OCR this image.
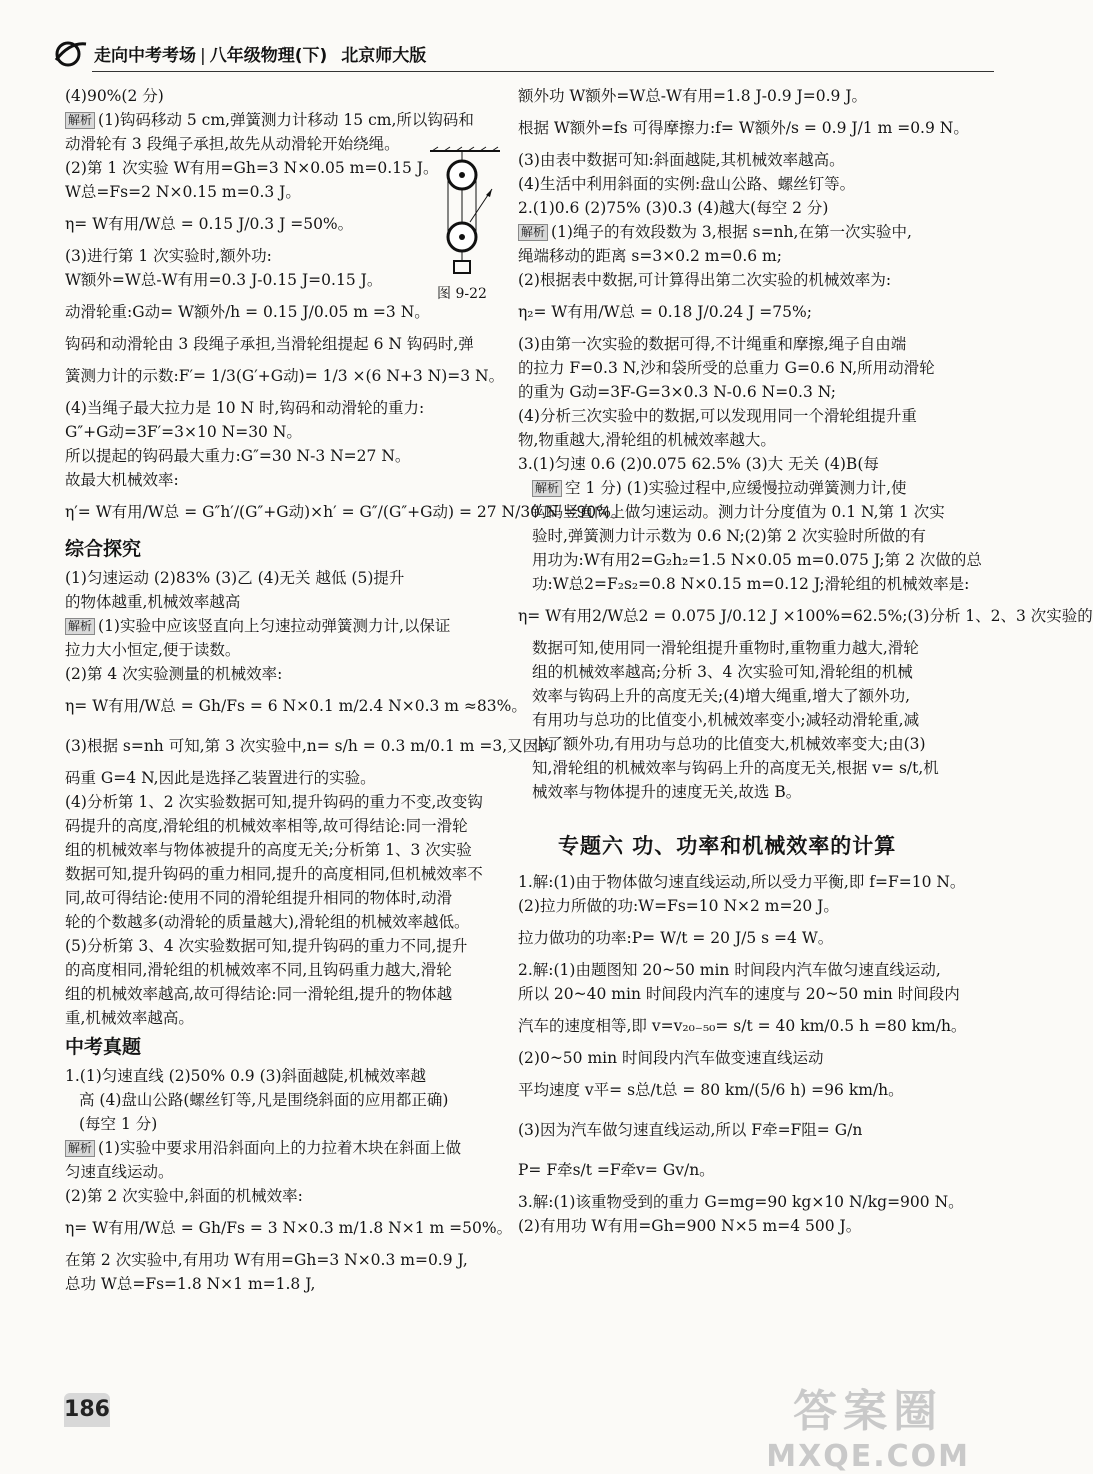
走向中考考场 | 八年级物理(下) 北京师大版
(4)90%(2 分)
解析 (1)钩码移动 5 cm,弹簧测力计移动 15 cm,所以钩码和
动滑轮有 3 段绳子承担,故先从动滑轮开始绕绳。
(2)第 1 次实验 W有用=Gh=3 N×0.05 m=0.15 J。
W总=Fs=2 N×0.15 m=0.3 J。
η= W有用/W总 = 0.15 J/0.3 J =50%。
(3)进行第 1 次实验时,额外功:
W额外=W总-W有用=0.3 J-0.15 J=0.15 J。
动滑轮重:G动= W额外/h = 0.15 J/0.05 m =3 N。
钩码和动滑轮由 3 段绳子承担,当滑轮组提起 6 N 钩码时,弹
簧测力计的示数:F′= 1/3(G′+G动)= 1/3 ×(6 N+3 N)=3 N。
(4)当绳子最大拉力是 10 N 时,钩码和动滑轮的重力:
G″+G动=3F′=3×10 N=30 N。
所以提起的钩码最大重力:G″=30 N-3 N=27 N。
故最大机械效率:
η′= W有用/W总 = G″h′/(G″+G动)×h′ = G″/(G″+G动) = 27 N/30 N =90%。
综合探究
(1)匀速运动 (2)83% (3)乙 (4)无关 越低 (5)提升
的物体越重,机械效率越高
解析 (1)实验中应该竖直向上匀速拉动弹簧测力计,以保证
拉力大小恒定,便于读数。
(2)第 4 次实验测量的机械效率:
η= W有用/W总 = Gh/Fs = 6 N×0.1 m/2.4 N×0.3 m ≈83%。
(3)根据 s=nh 可知,第 3 次实验中,n= s/h = 0.3 m/0.1 m =3,又因钩
码重 G=4 N,因此是选择乙装置进行的实验。
(4)分析第 1、2 次实验数据可知,提升钩码的重力不变,改变钩
码提升的高度,滑轮组的机械效率相等,故可得结论:同一滑轮
组的机械效率与物体被提升的高度无关;分析第 1、3 次实验
数据可知,提升钩码的重力相同,提升的高度相同,但机械效率不
同,故可得结论:使用不同的滑轮组提升相同的物体时,动滑
轮的个数越多(动滑轮的质量越大),滑轮组的机械效率越低。
(5)分析第 3、4 次实验数据可知,提升钩码的重力不同,提升
的高度相同,滑轮组的机械效率不同,且钩码重力越大,滑轮
组的机械效率越高,故可得结论:同一滑轮组,提升的物体越
重,机械效率越高。
中考真题
1.(1)匀速直线 (2)50% 0.9 (3)斜面越陡,机械效率越
高 (4)盘山公路(螺丝钉等,凡是围绕斜面的应用都正确)
(每空 1 分)
解析 (1)实验中要求用沿斜面向上的力拉着木块在斜面上做
匀速直线运动。
(2)第 2 次实验中,斜面的机械效率:
η= W有用/W总 = Gh/Fs = 3 N×0.3 m/1.8 N×1 m =50%。
在第 2 次实验中,有用功 W有用=Gh=3 N×0.3 m=0.9 J,
总功 W总=Fs=1.8 N×1 m=1.8 J,
额外功 W额外=W总-W有用=1.8 J-0.9 J=0.9 J。
根据 W额外=fs 可得摩擦力:f= W额外/s = 0.9 J/1 m =0.9 N。
(3)由表中数据可知:斜面越陡,其机械效率越高。
(4)生活中利用斜面的实例:盘山公路、螺丝钉等。
2.(1)0.6 (2)75% (3)0.3 (4)越大(每空 2 分)
解析 (1)绳子的有效段数为 3,根据 s=nh,在第一次实验中,
绳端移动的距离 s=3×0.2 m=0.6 m;
(2)根据表中数据,可计算得出第二次实验的机械效率为:
η₂= W有用/W总 = 0.18 J/0.24 J =75%;
(3)由第一次实验的数据可得,不计绳重和摩擦,绳子自由端
的拉力 F=0.3 N,沙和袋所受的总重力 G=0.6 N,所用动滑轮
的重为 G动=3F-G=3×0.3 N-0.6 N=0.3 N;
(4)分析三次实验中的数据,可以发现用同一个滑轮组提升重
物,物重越大,滑轮组的机械效率越大。
3.(1)匀速 0.6 (2)0.075 62.5% (3)大 无关 (4)B(每
解析 空 1 分) (1)实验过程中,应缓慢拉动弹簧测力计,使
钩码竖直向上做匀速运动。测力计分度值为 0.1 N,第 1 次实
验时,弹簧测力计示数为 0.6 N;(2)第 2 次实验时所做的有
用功为:W有用2=G₂h₂=1.5 N×0.05 m=0.075 J;第 2 次做的总
功:W总2=F₂s₂=0.8 N×0.15 m=0.12 J;滑轮组的机械效率是:
η= W有用2/W总2 = 0.075 J/0.12 J ×100%=62.5%;(3)分析 1、2、3 次实验的
数据可知,使用同一滑轮组提升重物时,重物重力越大,滑轮
组的机械效率越高;分析 3、4 次实验可知,滑轮组的机械
效率与钩码上升的高度无关;(4)增大绳重,增大了额外功,
有用功与总功的比值变小,机械效率变小;减轻动滑轮重,减
小了额外功,有用功与总功的比值变大,机械效率变大;由(3)
知,滑轮组的机械效率与钩码上升的高度无关,根据 v= s/t,机
械效率与物体提升的速度无关,故选 B。
专题六 功、功率和机械效率的计算
1.解:(1)由于物体做匀速直线运动,所以受力平衡,即 f=F=10 N。
(2)拉力所做的功:W=Fs=10 N×2 m=20 J。
拉力做功的功率:P= W/t = 20 J/5 s =4 W。
2.解:(1)由题图知 20~50 min 时间段内汽车做匀速直线运动,
所以 20~40 min 时间段内汽车的速度与 20~50 min 时间段内
汽车的速度相等,即 v=v₂₀₋₅₀= s/t = 40 km/0.5 h =80 km/h。
(2)0~50 min 时间段内汽车做变速直线运动
平均速度 v平= s总/t总 = 80 km/(5/6 h) =96 km/h。
(3)因为汽车做匀速直线运动,所以 F牵=F阻= G/n
P= F牵s/t =F牵v= Gv/n。
3.解:(1)该重物受到的重力 G=mg=90 kg×10 N/kg=900 N。
(2)有用功 W有用=Gh=900 N×5 m=4 500 J。
图 9-22
186	答案圈
MXQE.COM
